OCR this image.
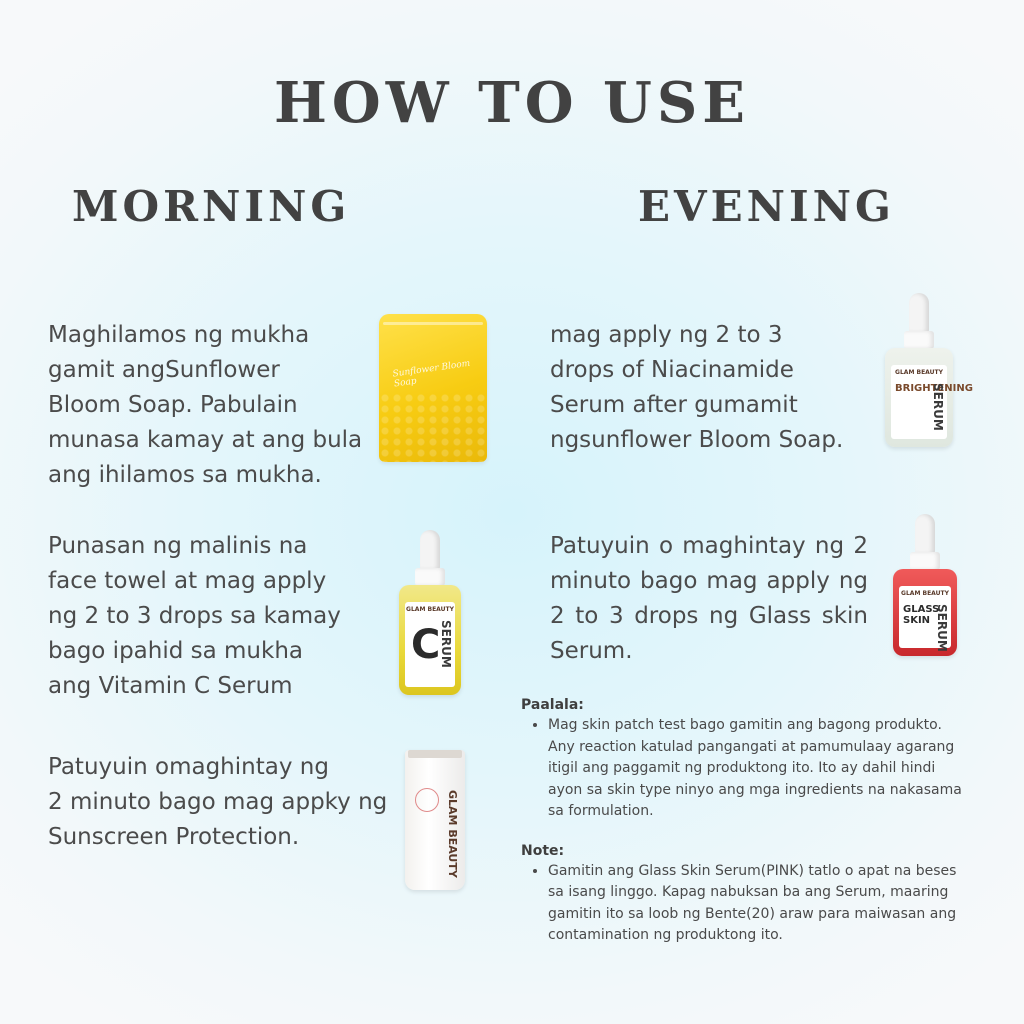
HOW TO USE
MORNING	EVENING

Maghilamos ng mukha
gamit angSunflower
Bloom Soap. Pabulain
munasa kamay at ang bula
ang ihilamos sa mukha.

Punasan ng malinis na
face towel at mag apply
ng 2 to 3 drops sa kamay
bago ipahid sa mukha
ang Vitamin C Serum

Patuyuin omaghintay ng
2 minuto bago mag appky ng
Sunscreen Protection.

mag apply ng 2 to 3
drops of Niacinamide
Serum after gumamit
ngsunflower Bloom Soap.

Patuyuin o maghintay ng 2 minuto bago mag apply ng 2 to 3 drops ng Glass skin Serum.

Paalala:
• Mag skin patch test bago gamitin ang bagong produkto. Any reaction katulad pangangati at pamumulaay agarang itigil ang paggamit ng produktong ito. Ito ay dahil hindi ayon sa skin type ninyo ang mga ingredients na nakasama sa formulation.
Note:
• Gamitin ang Glass Skin Serum(PINK) tatlo o apat na beses sa isang linggo. Kapag nabuksan ba ang Serum, maaring gamitin ito sa loob ng Bente(20) araw para maiwasan ang contamination ng produktong ito.
Sunflower Bloom Soap
GLAM BEAUTY
C
SERUM
GLAM BEAUTY
GLAM BEAUTY
BRIGHTENING
SERUM
GLAM BEAUTY
GLASS SKIN SERUM
